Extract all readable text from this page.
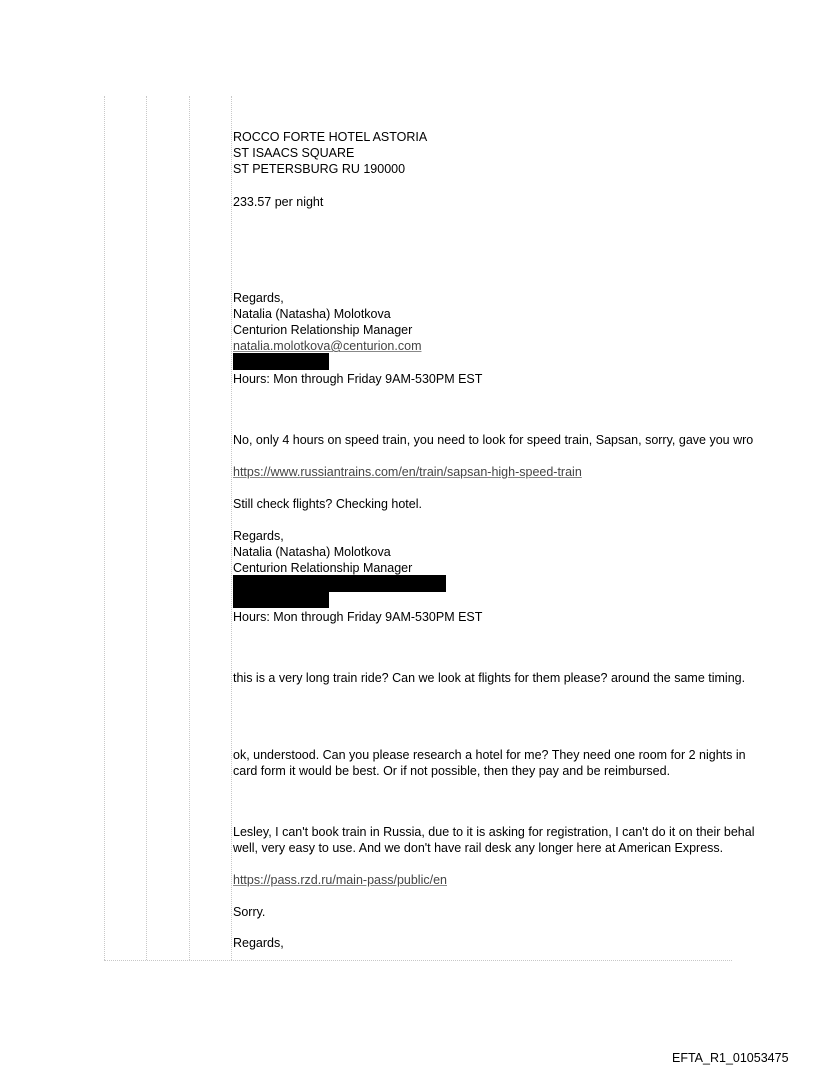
ROCCO FORTE HOTEL ASTORIA
ST ISAACS SQUARE
ST PETERSBURG RU 190000
233.57 per night
Regards,
Natalia (Natasha) Molotkova
Centurion Relationship Manager
natalia.molotkova@centurion.com
Hours: Mon through Friday 9AM-530PM EST
No, only 4 hours on speed train, you need to look for speed train, Sapsan, sorry, gave you wro
https://www.russiantrains.com/en/train/sapsan-high-speed-train
Still check flights? Checking hotel.
Regards,
Natalia (Natasha) Molotkova
Centurion Relationship Manager
Hours: Mon through Friday 9AM-530PM EST
this is a very long train ride? Can we look at flights for them please? around the same timing.
ok, understood. Can you please research a hotel for me? They need one room for 2 nights in
card form it would be best. Or if not possible, then they pay and be reimbursed.
Lesley, I can't book train in Russia, due to it is asking for registration, I can't do it on their behal
well, very easy to use. And we don't have rail desk any longer here at American Express.
https://pass.rzd.ru/main-pass/public/en
Sorry.
Regards,
EFTA_R1_01053475
